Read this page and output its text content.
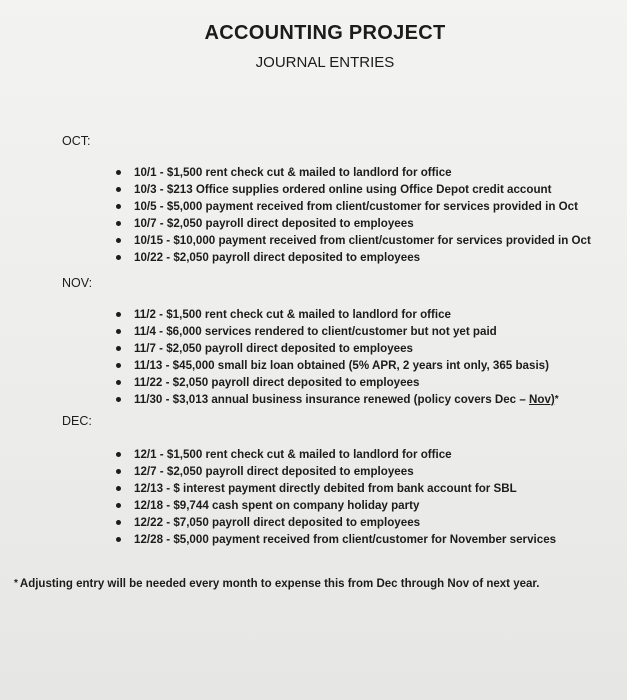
ACCOUNTING PROJECT
JOURNAL ENTRIES
OCT:
10/1 - $1,500 rent check cut & mailed to landlord for office
10/3 - $213 Office supplies ordered online using Office Depot credit account
10/5 - $5,000 payment received from client/customer for services provided in Oct
10/7 - $2,050 payroll direct deposited to employees
10/15 - $10,000 payment received from client/customer for services provided in Oct
10/22 - $2,050 payroll direct deposited to employees
NOV:
11/2 - $1,500 rent check cut & mailed to landlord for office
11/4 - $6,000 services rendered to client/customer but not yet paid
11/7 - $2,050 payroll direct deposited to employees
11/13 - $45,000 small biz loan obtained (5% APR, 2 years int only, 365 basis)
11/22 - $2,050 payroll direct deposited to employees
11/30 - $3,013 annual business insurance renewed (policy covers Dec – Nov)*
DEC:
12/1 - $1,500 rent check cut & mailed to landlord for office
12/7 - $2,050 payroll direct deposited to employees
12/13 - $ interest payment directly debited from bank account for SBL
12/18 - $9,744 cash spent on company holiday party
12/22 - $7,050 payroll direct deposited to employees
12/28 - $5,000 payment received from client/customer for November services
* Adjusting entry will be needed every month to expense this from Dec through Nov of next year.
